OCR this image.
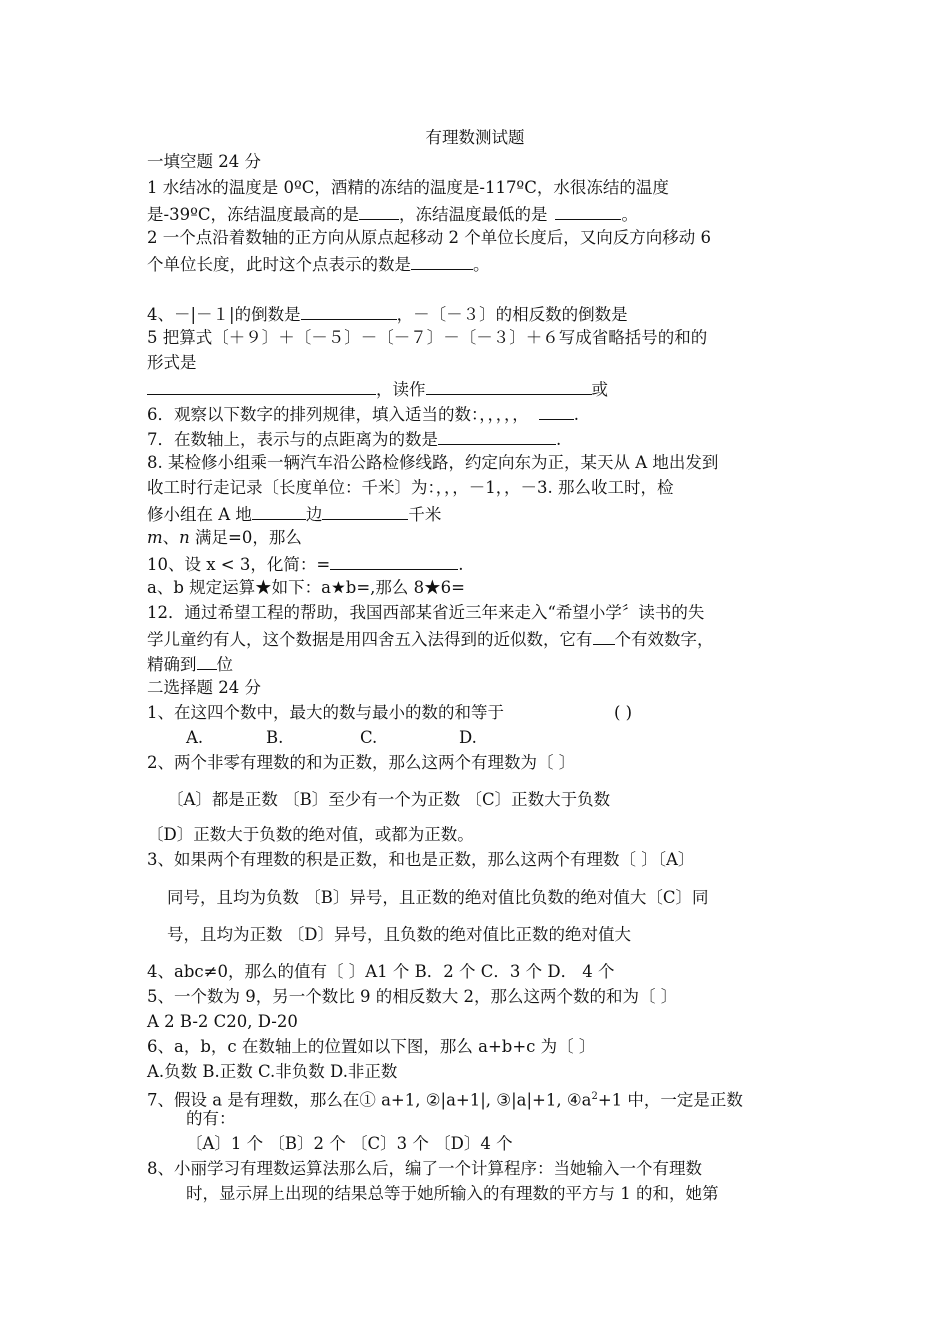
有理数测试题
一填空题 24 分
1 水结冰的温度是 0ºC，酒精的冻结的温度是-117ºC，水很冻结的温度
是-39ºC，冻结温度最高的是 ，冻结温度最低的是	。
2 一个点沿着数轴的正方向从原点起移动 2 个单位长度后，又向反方向移动 6
个单位长度，此时这个点表示的数是	。
4、－|－１|的倒数是	，－〔－３〕的相反数的倒数是
5 把算式〔＋９〕＋〔－５〕－〔－７〕－〔－３〕＋６写成省略括号的和的
形式是
，读作	或
6．观察以下数字的排列规律，填入适当的数：，，，，，	.
7．在数轴上，表示与的点距离为的数是	.
8. 某检修小组乘一辆汽车沿公路检修线路，约定向东为正，某天从 A 地出发到
收工时行走记录〔长度单位：千米〕为：，，，－1，，－3. 那么收工时，检
修小组在 A 地	边	千米
m、n 满足=0，那么
10、设 x < 3，化简：=	.
a、b 规定运算★如下：a★b=,那么 8★6=
12．通过希望工程的帮助，我国西部某省近三年来走入“希望小学〞读书的失
学儿童约有人，这个数据是用四舍五入法得到的近似数，它有 个有效数字，
精确到 位
二选择题 24 分
1、在这四个数中，最大的数与最小的数的和等于	( )
A.	B.	C.	D.
2、两个非零有理数的和为正数，那么这两个有理数为〔 〕
〔A〕都是正数 〔B〕至少有一个为正数 〔C〕正数大于负数
〔D〕正数大于负数的绝对值，或都为正数。
3、如果两个有理数的积是正数，和也是正数，那么这两个有理数〔 〕〔A〕
同号，且均为负数 〔B〕异号，且正数的绝对值比负数的绝对值大〔C〕同
号，且均为正数 〔D〕异号，且负数的绝对值比正数的绝对值大
4、abc≠0，那么的值有〔 〕A1 个 B．2 个 C．3 个 D． 4 个
5、一个数为 9，另一个数比 9 的相反数大 2，那么这两个数的和为〔 〕
A 2 B-2 C20, D-20
6、a，b，c 在数轴上的位置如以下图，那么 a+b+c 为〔 〕
A.负数 B.正数 C.非负数 D.非正数
7、假设 a 是有理数，那么在① a+1, ②|a+1|, ③|a|+1, $④a^2+1$ 中，一定是正数
的有：
〔A〕1 个 〔B〕2 个 〔C〕3 个 〔D〕4 个
8、小丽学习有理数运算法那么后，编了一个计算程序：当她输入一个有理数
时，显示屏上出现的结果总等于她所输入的有理数的平方与 1 的和，她第
